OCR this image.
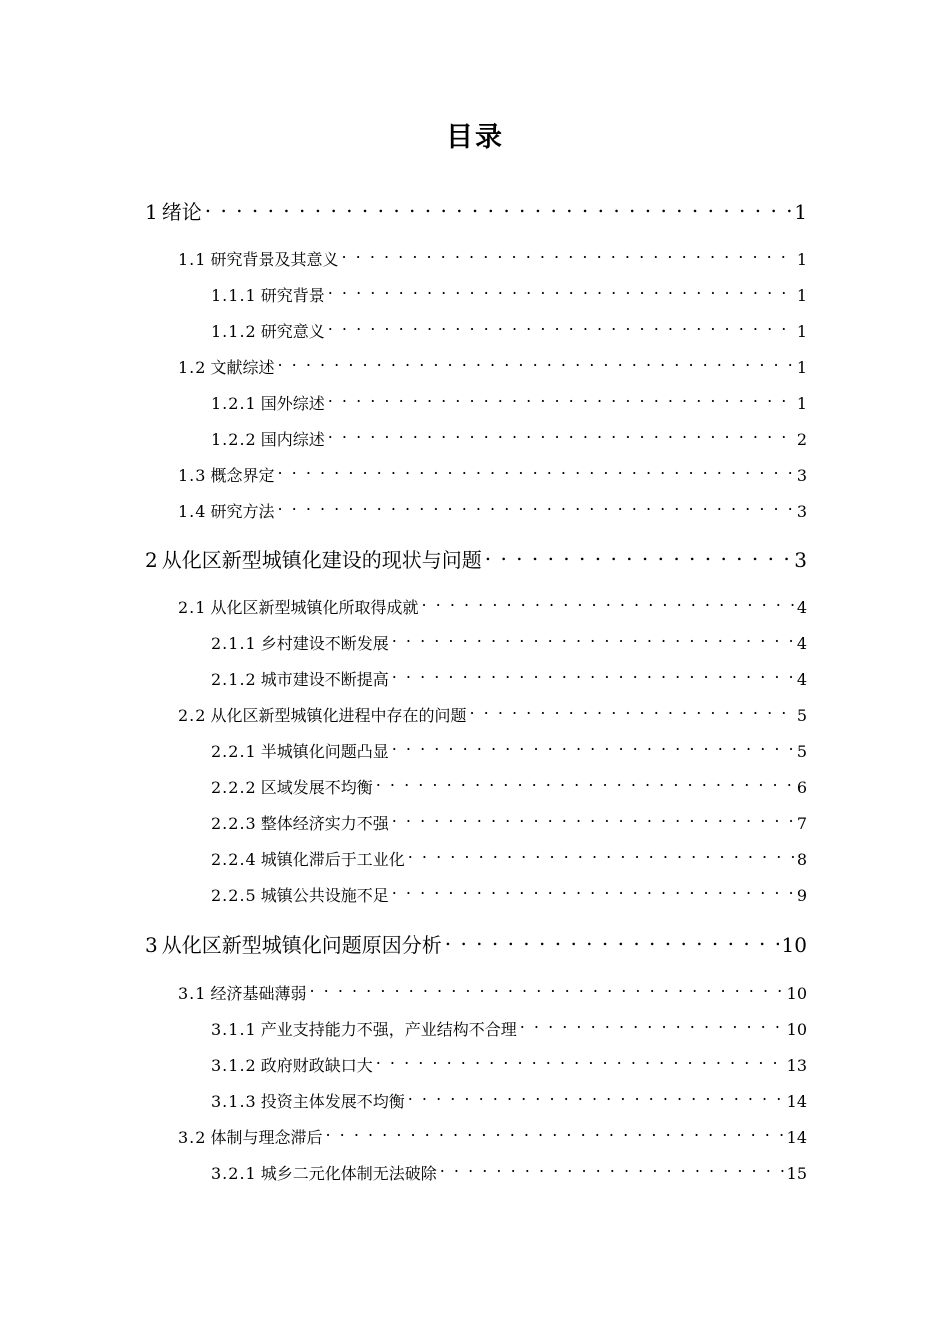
目录
1 绪论 . . .	1
1.1 研究背景及其意义 . . .	1
1.1.1 研究背景 . . .	1
1.1.2 研究意义 . . .	1
1.2 文献综述 . . .	1
1.2.1 国外综述 . . .	1
1.2.2 国内综述 . . .	2
1.3 概念界定 . . .	3
1.4 研究方法 . . .	3
2 从化区新型城镇化建设的现状与问题 . . .	3
2.1 从化区新型城镇化所取得成就 . . .	4
2.1.1 乡村建设不断发展 . . .	4
2.1.2 城市建设不断提高 . . .	4
2.2 从化区新型城镇化进程中存在的问题 . . .	5
2.2.1 半城镇化问题凸显 . . .	5
2.2.2 区域发展不均衡 . . .	6
2.2.3 整体经济实力不强 . . .	7
2.2.4 城镇化滞后于工业化 . . .	8
2.2.5 城镇公共设施不足 . . .	9
3 从化区新型城镇化问题原因分析 . . .	10
3.1 经济基础薄弱 . . .	10
3.1.1 产业支持能力不强，产业结构不合理 . . .	10
3.1.2 政府财政缺口大 . . .	13
3.1.3 投资主体发展不均衡 . . .	14
3.2 体制与理念滞后 . . .	14
3.2.1 城乡二元化体制无法破除 . . .	15
